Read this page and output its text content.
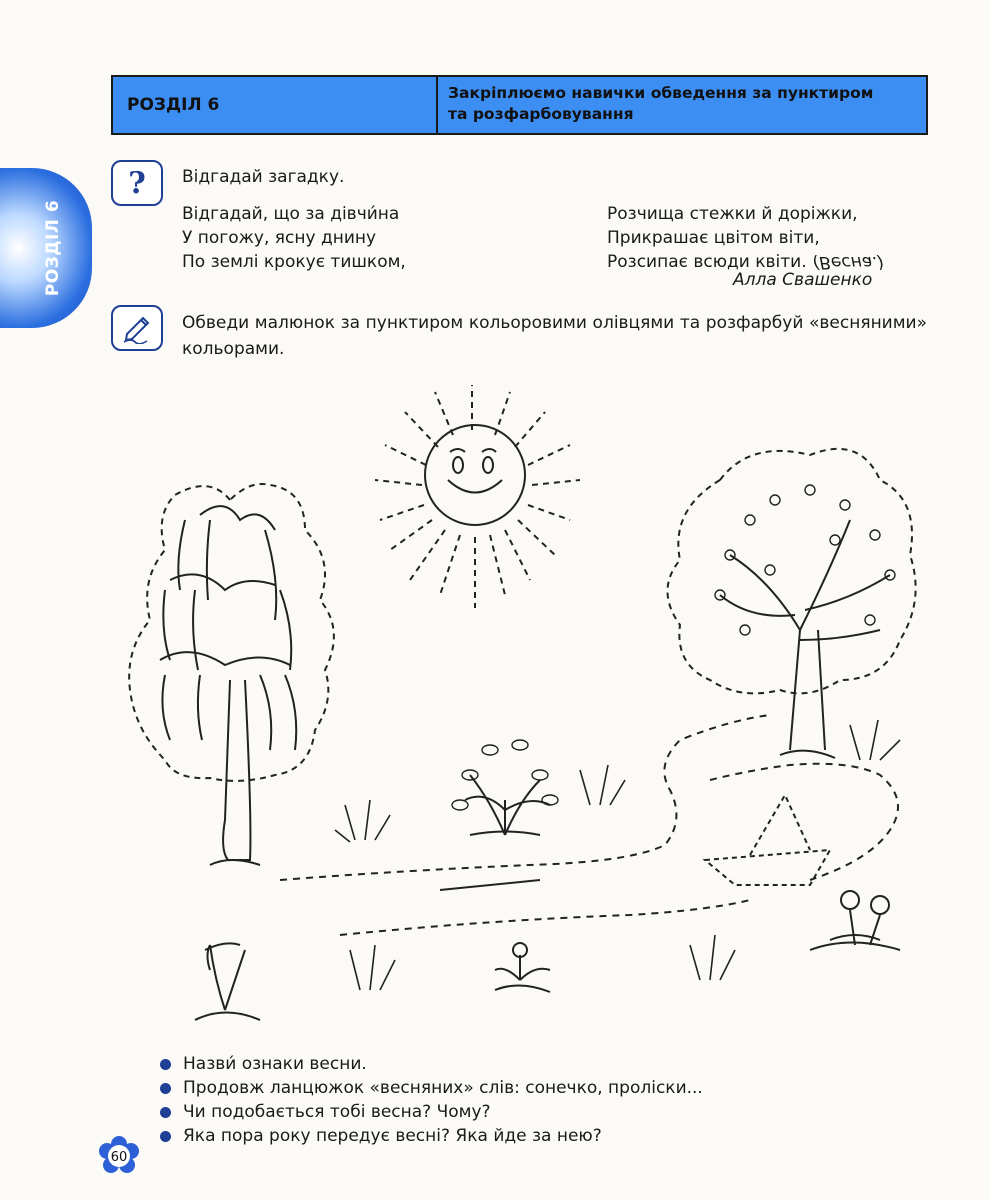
РОЗДІЛ 6
Закріплюємо навички обведення за пунктиром
та розфарбовування
РОЗДІЛ 6
? Відгадай загадку.
Відгадай, що за дівчи́на
У погожу, ясну днину
По землі крокує тишком,
Розчища стежки й доріжки,
Прикрашає цвітом віти,
Розсипає всюди квіти. (Весна.)
Алла Свашенко
Обведи малюнок за пунктиром кольоровими олівцями та розфарбуй «весняними» кольорами.
Назви́ ознаки весни.
Продовж ланцюжок «весняних» слів: сонечко, проліски...
Чи подобається тобі весна? Чому?
Яка пора року передує весні? Яка йде за нею?
60
